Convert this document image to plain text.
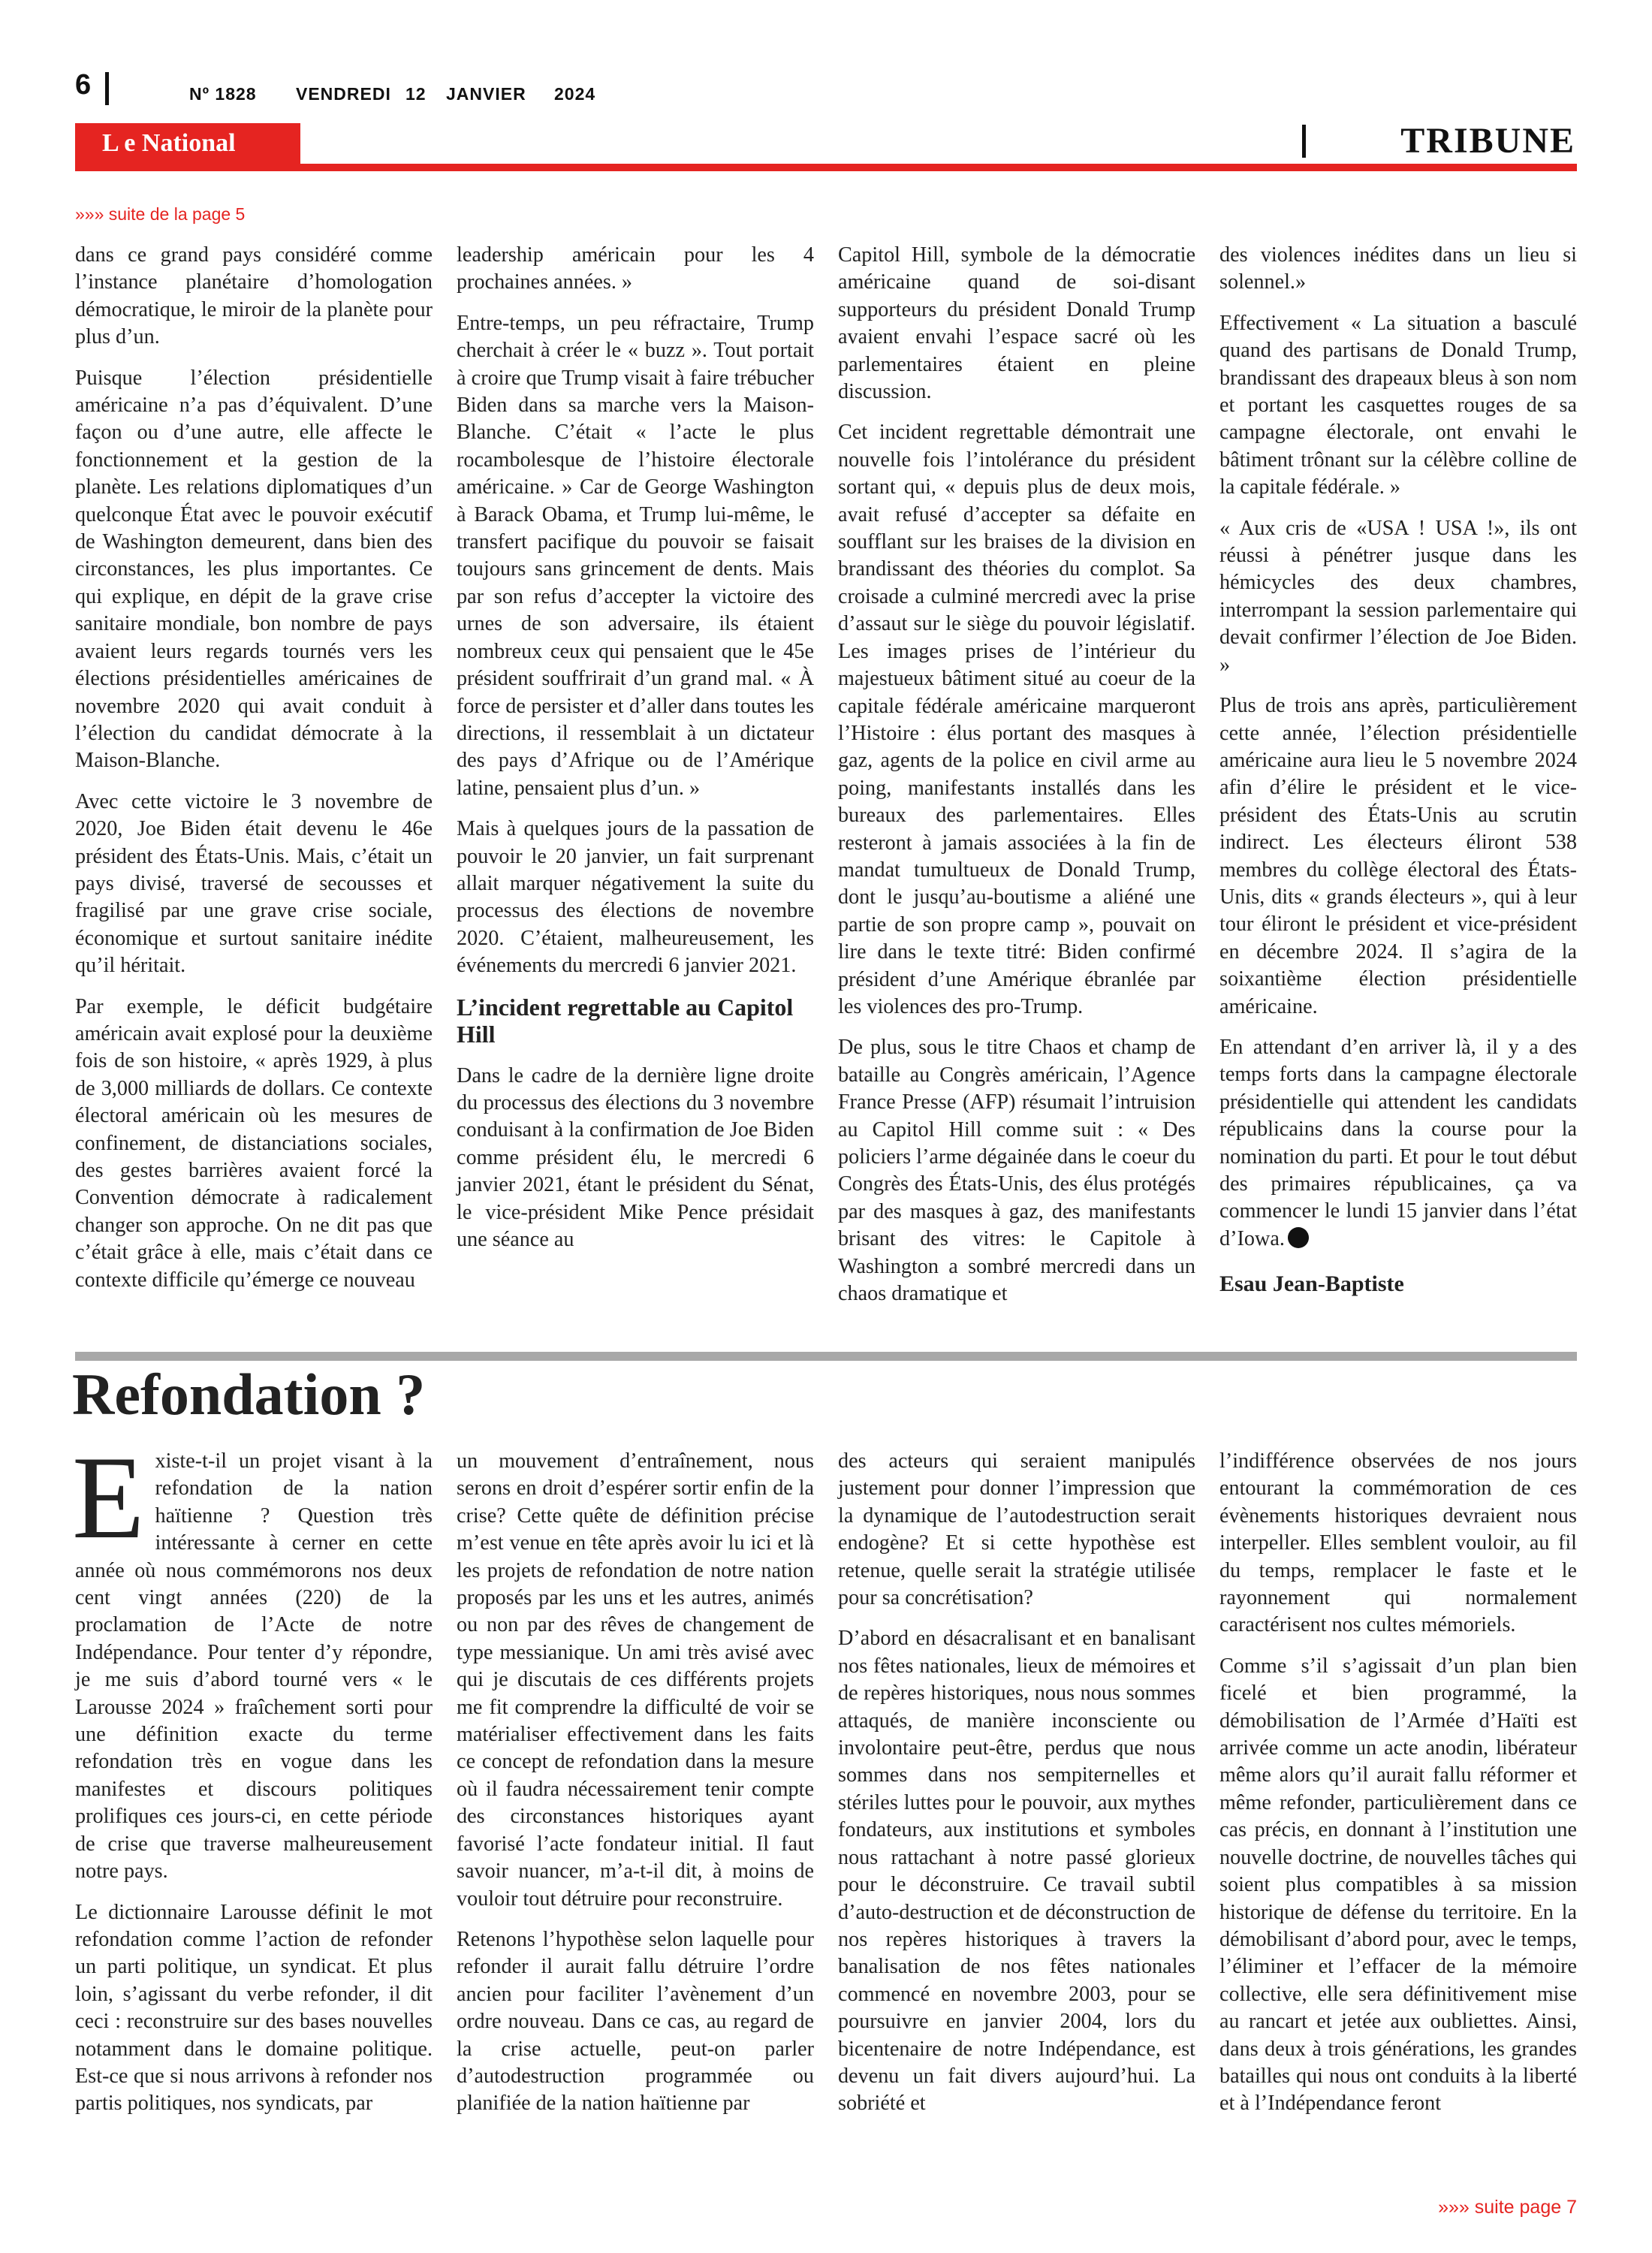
6	Nº 1828 VENDREDI 12 JANVIER 2024
L e National	TRIBUNE
»»» suite de la page 5

dans ce grand pays considéré comme l’instance planétaire d’homologation démocratique, le miroir de la planète pour plus d’un.

Puisque l’élection présidentielle américaine n’a pas d’équivalent. D’une façon ou d’une autre, elle affecte le fonctionnement et la gestion de la planète. Les relations diplomatiques d’un quelconque État avec le pouvoir exécutif de Washington demeurent, dans bien des circonstances, les plus importantes. Ce qui explique, en dépit de la grave crise sanitaire mondiale, bon nombre de pays avaient leurs regards tournés vers les élections présidentielles américaines de novembre 2020 qui avait conduit à l’élection du candidat démocrate à la Maison-Blanche.

Avec cette victoire le 3 novembre de 2020, Joe Biden était devenu le 46e président des États-Unis. Mais, c’était un pays divisé, traversé de secousses et fragilisé par une grave crise sociale, économique et surtout sanitaire inédite qu’il héritait.

Par exemple, le déficit budgétaire américain avait explosé pour la deuxième fois de son histoire, « après 1929, à plus de 3,000 milliards de dollars. Ce contexte électoral américain où les mesures de confinement, de distanciations sociales, des gestes barrières avaient forcé la Convention démocrate à radicalement changer son approche. On ne dit pas que c’était grâce à elle, mais c’était dans ce contexte difficile qu’émerge ce nouveau

leadership américain pour les 4 prochaines années. »

Entre-temps, un peu réfractaire, Trump cherchait à créer le « buzz ». Tout portait à croire que Trump visait à faire trébucher Biden dans sa marche vers la Maison-Blanche. C’était « l’acte le plus rocambolesque de l’histoire électorale américaine. » Car de George Washington à Barack Obama, et Trump lui-même, le transfert pacifique du pouvoir se faisait toujours sans grincement de dents. Mais par son refus d’accepter la victoire des urnes de son adversaire, ils étaient nombreux ceux qui pensaient que le 45e président souffrirait d’un grand mal. « À force de persister et d’aller dans toutes les directions, il ressemblait à un dictateur des pays d’Afrique ou de l’Amérique latine, pensaient plus d’un. »

Mais à quelques jours de la passation de pouvoir le 20 janvier, un fait surprenant allait marquer négativement la suite du processus des élections de novembre 2020. C’étaient, malheureusement, les événements du mercredi 6 janvier 2021.

L’incident regrettable au Capitol Hill

Dans le cadre de la dernière ligne droite du processus des élections du 3 novembre conduisant à la confirmation de Joe Biden comme président élu, le mercredi 6 janvier 2021, étant le président du Sénat, le vice-président Mike Pence présidait une séance au

Capitol Hill, symbole de la démocratie américaine quand de soi-disant supporteurs du président Donald Trump avaient envahi l’espace sacré où les parlementaires étaient en pleine discussion.

Cet incident regrettable démontrait une nouvelle fois l’intolérance du président sortant qui, « depuis plus de deux mois, avait refusé d’accepter sa défaite en soufflant sur les braises de la division en brandissant des théories du complot. Sa croisade a culminé mercredi avec la prise d’assaut sur le siège du pouvoir législatif. Les images prises de l’intérieur du majestueux bâtiment situé au coeur de la capitale fédérale américaine marqueront l’Histoire : élus portant des masques à gaz, agents de la police en civil arme au poing, manifestants installés dans les bureaux des parlementaires. Elles resteront à jamais associées à la fin de mandat tumultueux de Donald Trump, dont le jusqu’au-boutisme a aliéné une partie de son propre camp », pouvait on lire dans le texte titré: Biden confirmé président d’une Amérique ébranlée par les violences des pro-Trump.

De plus, sous le titre Chaos et champ de bataille au Congrès américain, l’Agence France Presse (AFP) résumait l’intruision au Capitol Hill comme suit : « Des policiers l’arme dégainée dans le coeur du Congrès des États-Unis, des élus protégés par des masques à gaz, des manifestants brisant des vitres: le Capitole à Washington a sombré mercredi dans un chaos dramatique et

des violences inédites dans un lieu si solennel.»

Effectivement « La situation a basculé quand des partisans de Donald Trump, brandissant des drapeaux bleus à son nom et portant les casquettes rouges de sa campagne électorale, ont envahi le bâtiment trônant sur la célèbre colline de la capitale fédérale. »

« Aux cris de «USA ! USA !», ils ont réussi à pénétrer jusque dans les hémicycles des deux chambres, interrompant la session parlementaire qui devait confirmer l’élection de Joe Biden. »

Plus de trois ans après, particulièrement cette année, l’élection présidentielle américaine aura lieu le 5 novembre 2024 afin d’élire le président et le vice-président des États-Unis au scrutin indirect. Les électeurs éliront 538 membres du collège électoral des États-Unis, dits « grands électeurs », qui à leur tour éliront le président et vice-président en décembre 2024. Il s’agira de la soixantième élection présidentielle américaine.

En attendant d’en arriver là, il y a des temps forts dans la campagne électorale présidentielle qui attendent les candidats républicains dans la course pour la nomination du parti. Et pour le tout début des primaires républicaines, ça va commencer le lundi 15 janvier dans l’état d’Iowa.

Esau Jean-Baptiste
Refondation ?

Existe-t-il un projet visant à la refondation de la nation haïtienne ? Question très intéressante à cerner en cette année où nous commémorons nos deux cent vingt années (220) de la proclamation de l’Acte de notre Indépendance. Pour tenter d’y répondre, je me suis d’abord tourné vers « le Larousse 2024 » fraîchement sorti pour une définition exacte du terme refondation très en vogue dans les manifestes et discours politiques prolifiques ces jours-ci, en cette période de crise que traverse malheureusement notre pays.

Le dictionnaire Larousse définit le mot refondation comme l’action de refonder un parti politique, un syndicat. Et plus loin, s’agissant du verbe refonder, il dit ceci : reconstruire sur des bases nouvelles notamment dans le domaine politique. Est-ce que si nous arrivons à refonder nos partis politiques, nos syndicats, par

un mouvement d’entraînement, nous serons en droit d’espérer sortir enfin de la crise? Cette quête de définition précise m’est venue en tête après avoir lu ici et là les projets de refondation de notre nation proposés par les uns et les autres, animés ou non par des rêves de changement de type messianique. Un ami très avisé avec qui je discutais de ces différents projets me fit comprendre la difficulté de voir se matérialiser effectivement dans les faits ce concept de refondation dans la mesure où il faudra nécessairement tenir compte des circonstances historiques ayant favorisé l’acte fondateur initial. Il faut savoir nuancer, m’a-t-il dit, à moins de vouloir tout détruire pour reconstruire.

Retenons l’hypothèse selon laquelle pour refonder il aurait fallu détruire l’ordre ancien pour faciliter l’avènement d’un ordre nouveau. Dans ce cas, au regard de la crise actuelle, peut-on parler d’autodestruction programmée ou planifiée de la nation haïtienne par

des acteurs qui seraient manipulés justement pour donner l’impression que la dynamique de l’autodestruction serait endogène? Et si cette hypothèse est retenue, quelle serait la stratégie utilisée pour sa concrétisation?

D’abord en désacralisant et en banalisant nos fêtes nationales, lieux de mémoires et de repères historiques, nous nous sommes attaqués, de manière inconsciente ou involontaire peut-être, perdus que nous sommes dans nos sempiternelles et stériles luttes pour le pouvoir, aux mythes fondateurs, aux institutions et symboles nous rattachant à notre passé glorieux pour le déconstruire. Ce travail subtil d’auto-destruction et de déconstruction de nos repères historiques à travers la banalisation de nos fêtes nationales commencé en novembre 2003, pour se poursuivre en janvier 2004, lors du bicentenaire de notre Indépendance, est devenu un fait divers aujourd’hui. La sobriété et

l’indifférence observées de nos jours entourant la commémoration de ces évènements historiques devraient nous interpeller. Elles semblent vouloir, au fil du temps, remplacer le faste et le rayonnement qui normalement caractérisent nos cultes mémoriels.

Comme s’il s’agissait d’un plan bien ficelé et bien programmé, la démobilisation de l’Armée d’Haïti est arrivée comme un acte anodin, libérateur même alors qu’il aurait fallu réformer et même refonder, particulièrement dans ce cas précis, en donnant à l’institution une nouvelle doctrine, de nouvelles tâches qui soient plus compatibles à sa mission historique de défense du territoire. En la démobilisant d’abord pour, avec le temps, l’éliminer et l’effacer de la mémoire collective, elle sera définitivement mise au rancart et jetée aux oubliettes. Ainsi, dans deux à trois générations, les grandes batailles qui nous ont conduits à la liberté et à l’Indépendance feront

»»» suite page 7
